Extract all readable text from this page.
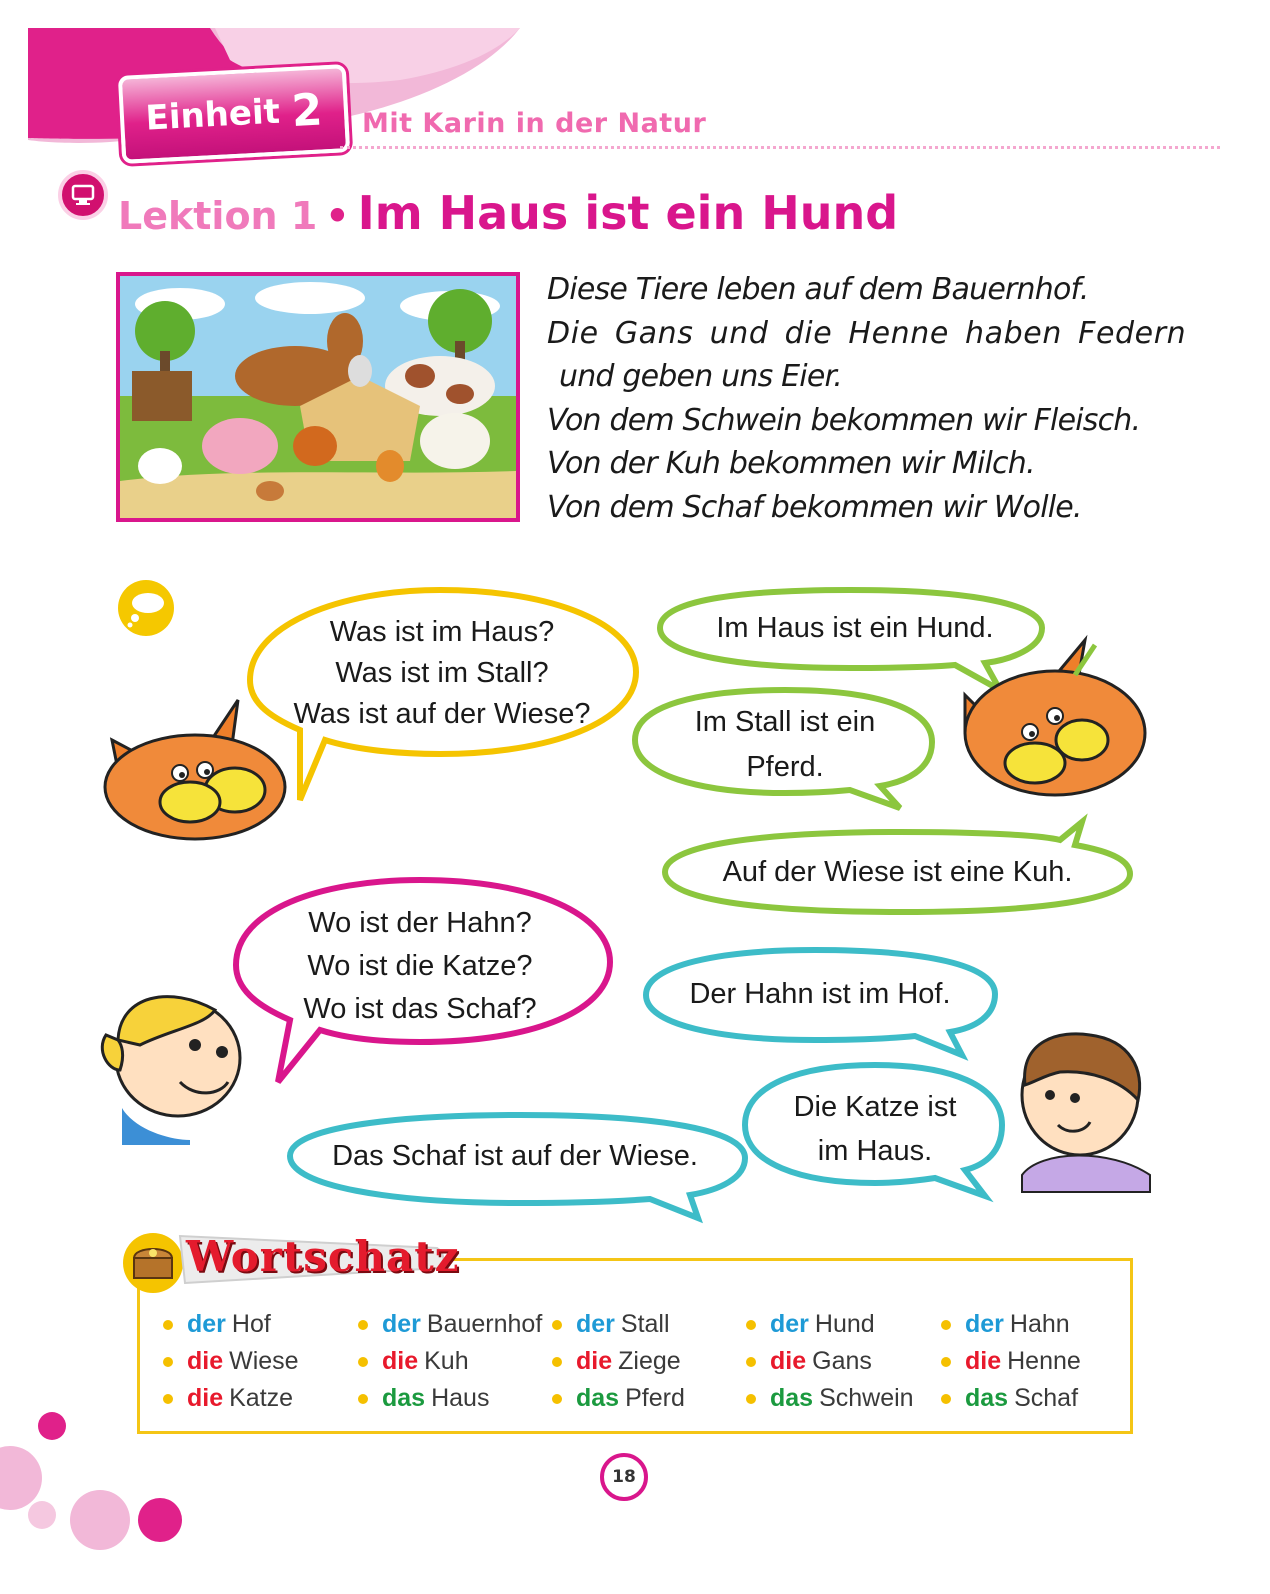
Einheit 2 Mit Karin in der Natur
Lektion 1 • Im Haus ist ein Hund
Diese Tiere leben auf dem Bauernhof.
Die Gans und die Henne haben Federn
und geben uns Eier.
Von dem Schwein bekommen wir Fleisch.
Von der Kuh bekommen wir Milch.
Von dem Schaf bekommen wir Wolle.
Was ist im Haus?
Was ist im Stall?
Was ist auf der Wiese?
Im Haus ist ein Hund.
Im Stall ist ein
Pferd.
Auf der Wiese ist eine Kuh.
Wo ist der Hahn?
Wo ist die Katze?
Wo ist das Schaf?	Der Hahn ist im Hof.
Die Katze ist
im Haus.
Das Schaf ist auf der Wiese.
Wortschatz
der Hof
die Wiese
die Katze
der Bauernhof
die Kuh
das Haus
der Stall
die Ziege
das Pferd
der Hund
die Gans
das Schwein
der Hahn
die Henne
das Schaf
18
